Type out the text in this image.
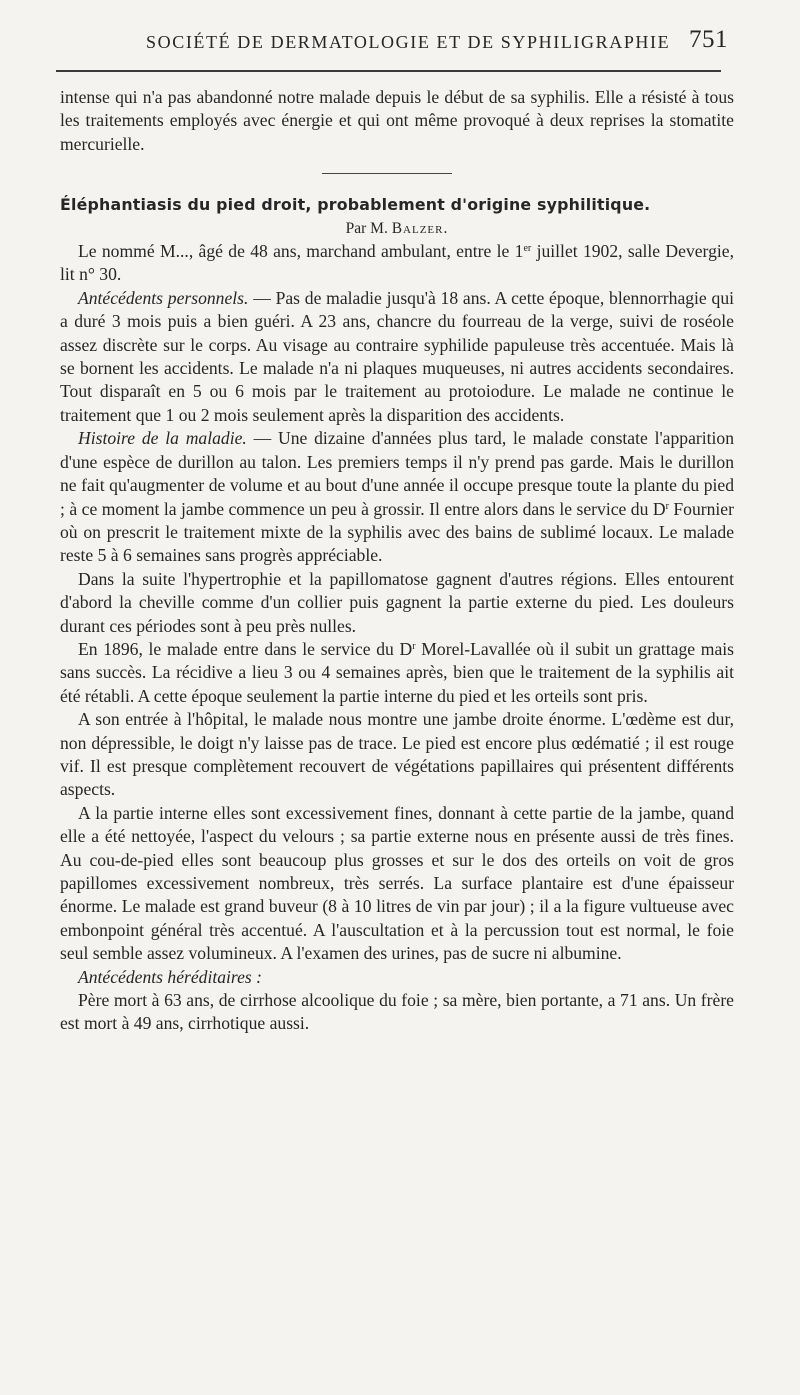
SOCIÉTÉ DE DERMATOLOGIE ET DE SYPHILIGRAPHIE 751

intense qui n'a pas abandonné notre malade depuis le début de sa syphilis. Elle a résisté à tous les traitements employés avec énergie et qui ont même provoqué à deux reprises la stomatite mercurielle.

Éléphantiasis du pied droit, probablement d'origine syphilitique.

Par M. Balzer.

Le nommé M..., âgé de 48 ans, marchand ambulant, entre le 1er juillet 1902, salle Devergie, lit n° 30.

Antécédents personnels. — Pas de maladie jusqu'à 18 ans. A cette époque, blennorrhagie qui a duré 3 mois puis a bien guéri. A 23 ans, chancre du fourreau de la verge, suivi de roséole assez discrète sur le corps. Au visage au contraire syphilide papuleuse très accentuée. Mais là se bornent les accidents. Le malade n'a ni plaques muqueuses, ni autres accidents secondaires. Tout disparaît en 5 ou 6 mois par le traitement au protoiodure. Le malade ne continue le traitement que 1 ou 2 mois seulement après la disparition des accidents.

Histoire de la maladie. — Une dizaine d'années plus tard, le malade constate l'apparition d'une espèce de durillon au talon. Les premiers temps il n'y prend pas garde. Mais le durillon ne fait qu'augmenter de volume et au bout d'une année il occupe presque toute la plante du pied ; à ce moment la jambe commence un peu à grossir. Il entre alors dans le service du $D^r$ Fournier où on prescrit le traitement mixte de la syphilis avec des bains de sublimé locaux. Le malade reste 5 à 6 semaines sans progrès appréciable.

Dans la suite l'hypertrophie et la papillomatose gagnent d'autres régions. Elles entourent d'abord la cheville comme d'un collier puis gagnent la partie externe du pied. Les douleurs durant ces périodes sont à peu près nulles.

En 1896, le malade entre dans le service du $D^r$ Morel-Lavallée où il subit un grattage mais sans succès. La récidive a lieu 3 ou 4 semaines après, bien que le traitement de la syphilis ait été rétabli. A cette époque seulement la partie interne du pied et les orteils sont pris.

A son entrée à l'hôpital, le malade nous montre une jambe droite énorme. L'œdème est dur, non dépressible, le doigt n'y laisse pas de trace. Le pied est encore plus œdématié ; il est rouge vif. Il est presque complètement recouvert de végétations papillaires qui présentent différents aspects.

A la partie interne elles sont excessivement fines, donnant à cette partie de la jambe, quand elle a été nettoyée, l'aspect du velours ; sa partie externe nous en présente aussi de très fines. Au cou-de-pied elles sont beaucoup plus grosses et sur le dos des orteils on voit de gros papillomes excessivement nombreux, très serrés. La surface plantaire est d'une épaisseur énorme. Le malade est grand buveur (8 à 10 litres de vin par jour) ; il a la figure vultueuse avec embonpoint général très accentué. A l'auscultation et à la percussion tout est normal, le foie seul semble assez volumineux. A l'examen des urines, pas de sucre ni albumine.

Antécédents héréditaires :

Père mort à 63 ans, de cirrhose alcoolique du foie ; sa mère, bien portante, a 71 ans. Un frère est mort à 49 ans, cirrhotique aussi.
